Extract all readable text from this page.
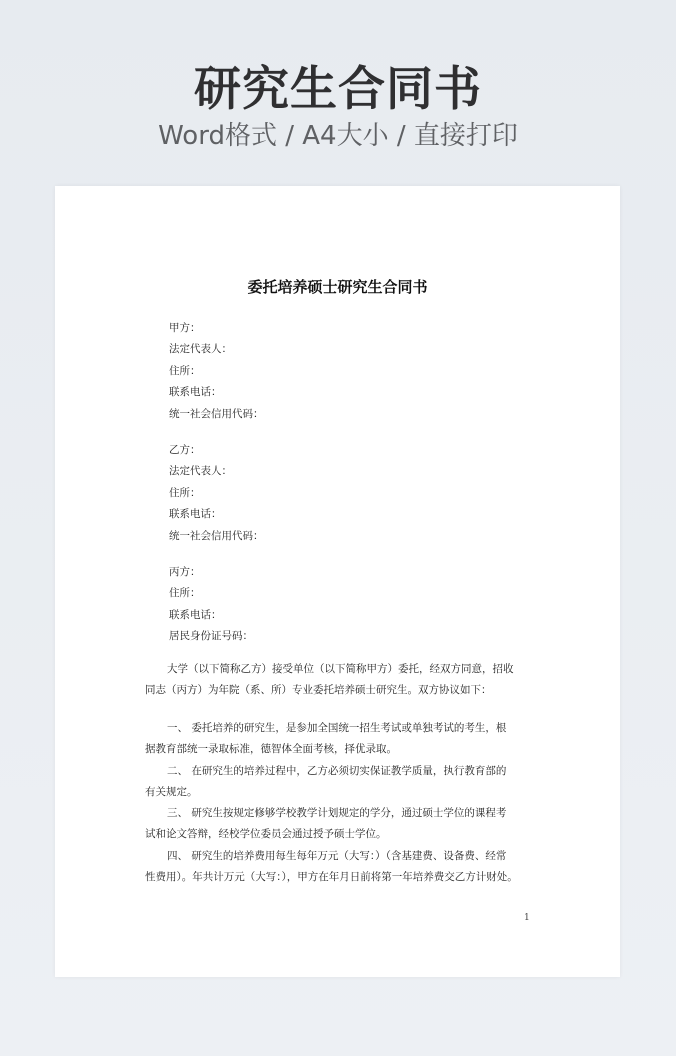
研究生合同书
Word格式 / A4大小 / 直接打印
委托培养硕士研究生合同书
甲方：
法定代表人：
住所：
联系电话：
统一社会信用代码：
乙方：
法定代表人：
住所：
联系电话：
统一社会信用代码：
丙方：
住所：
联系电话：
居民身份证号码：
大学（以下简称乙方）接受单位（以下简称甲方）委托，经双方同意，招收
同志（丙方）为年院（系、所）专业委托培养硕士研究生。双方协议如下：
一、 委托培养的研究生，是参加全国统一招生考试或单独考试的考生，根
据教育部统一录取标准，德智体全面考核，择优录取。
二、 在研究生的培养过程中，乙方必须切实保证教学质量，执行教育部的
有关规定。
三、 研究生按规定修够学校教学计划规定的学分，通过硕士学位的课程考
试和论文答辩，经校学位委员会通过授予硕士学位。
四、 研究生的培养费用每生每年万元（大写：）（含基建费、设备费、经常
性费用）。年共计万元（大写：），甲方在年月日前将第一年培养费交乙方计财处。
1
